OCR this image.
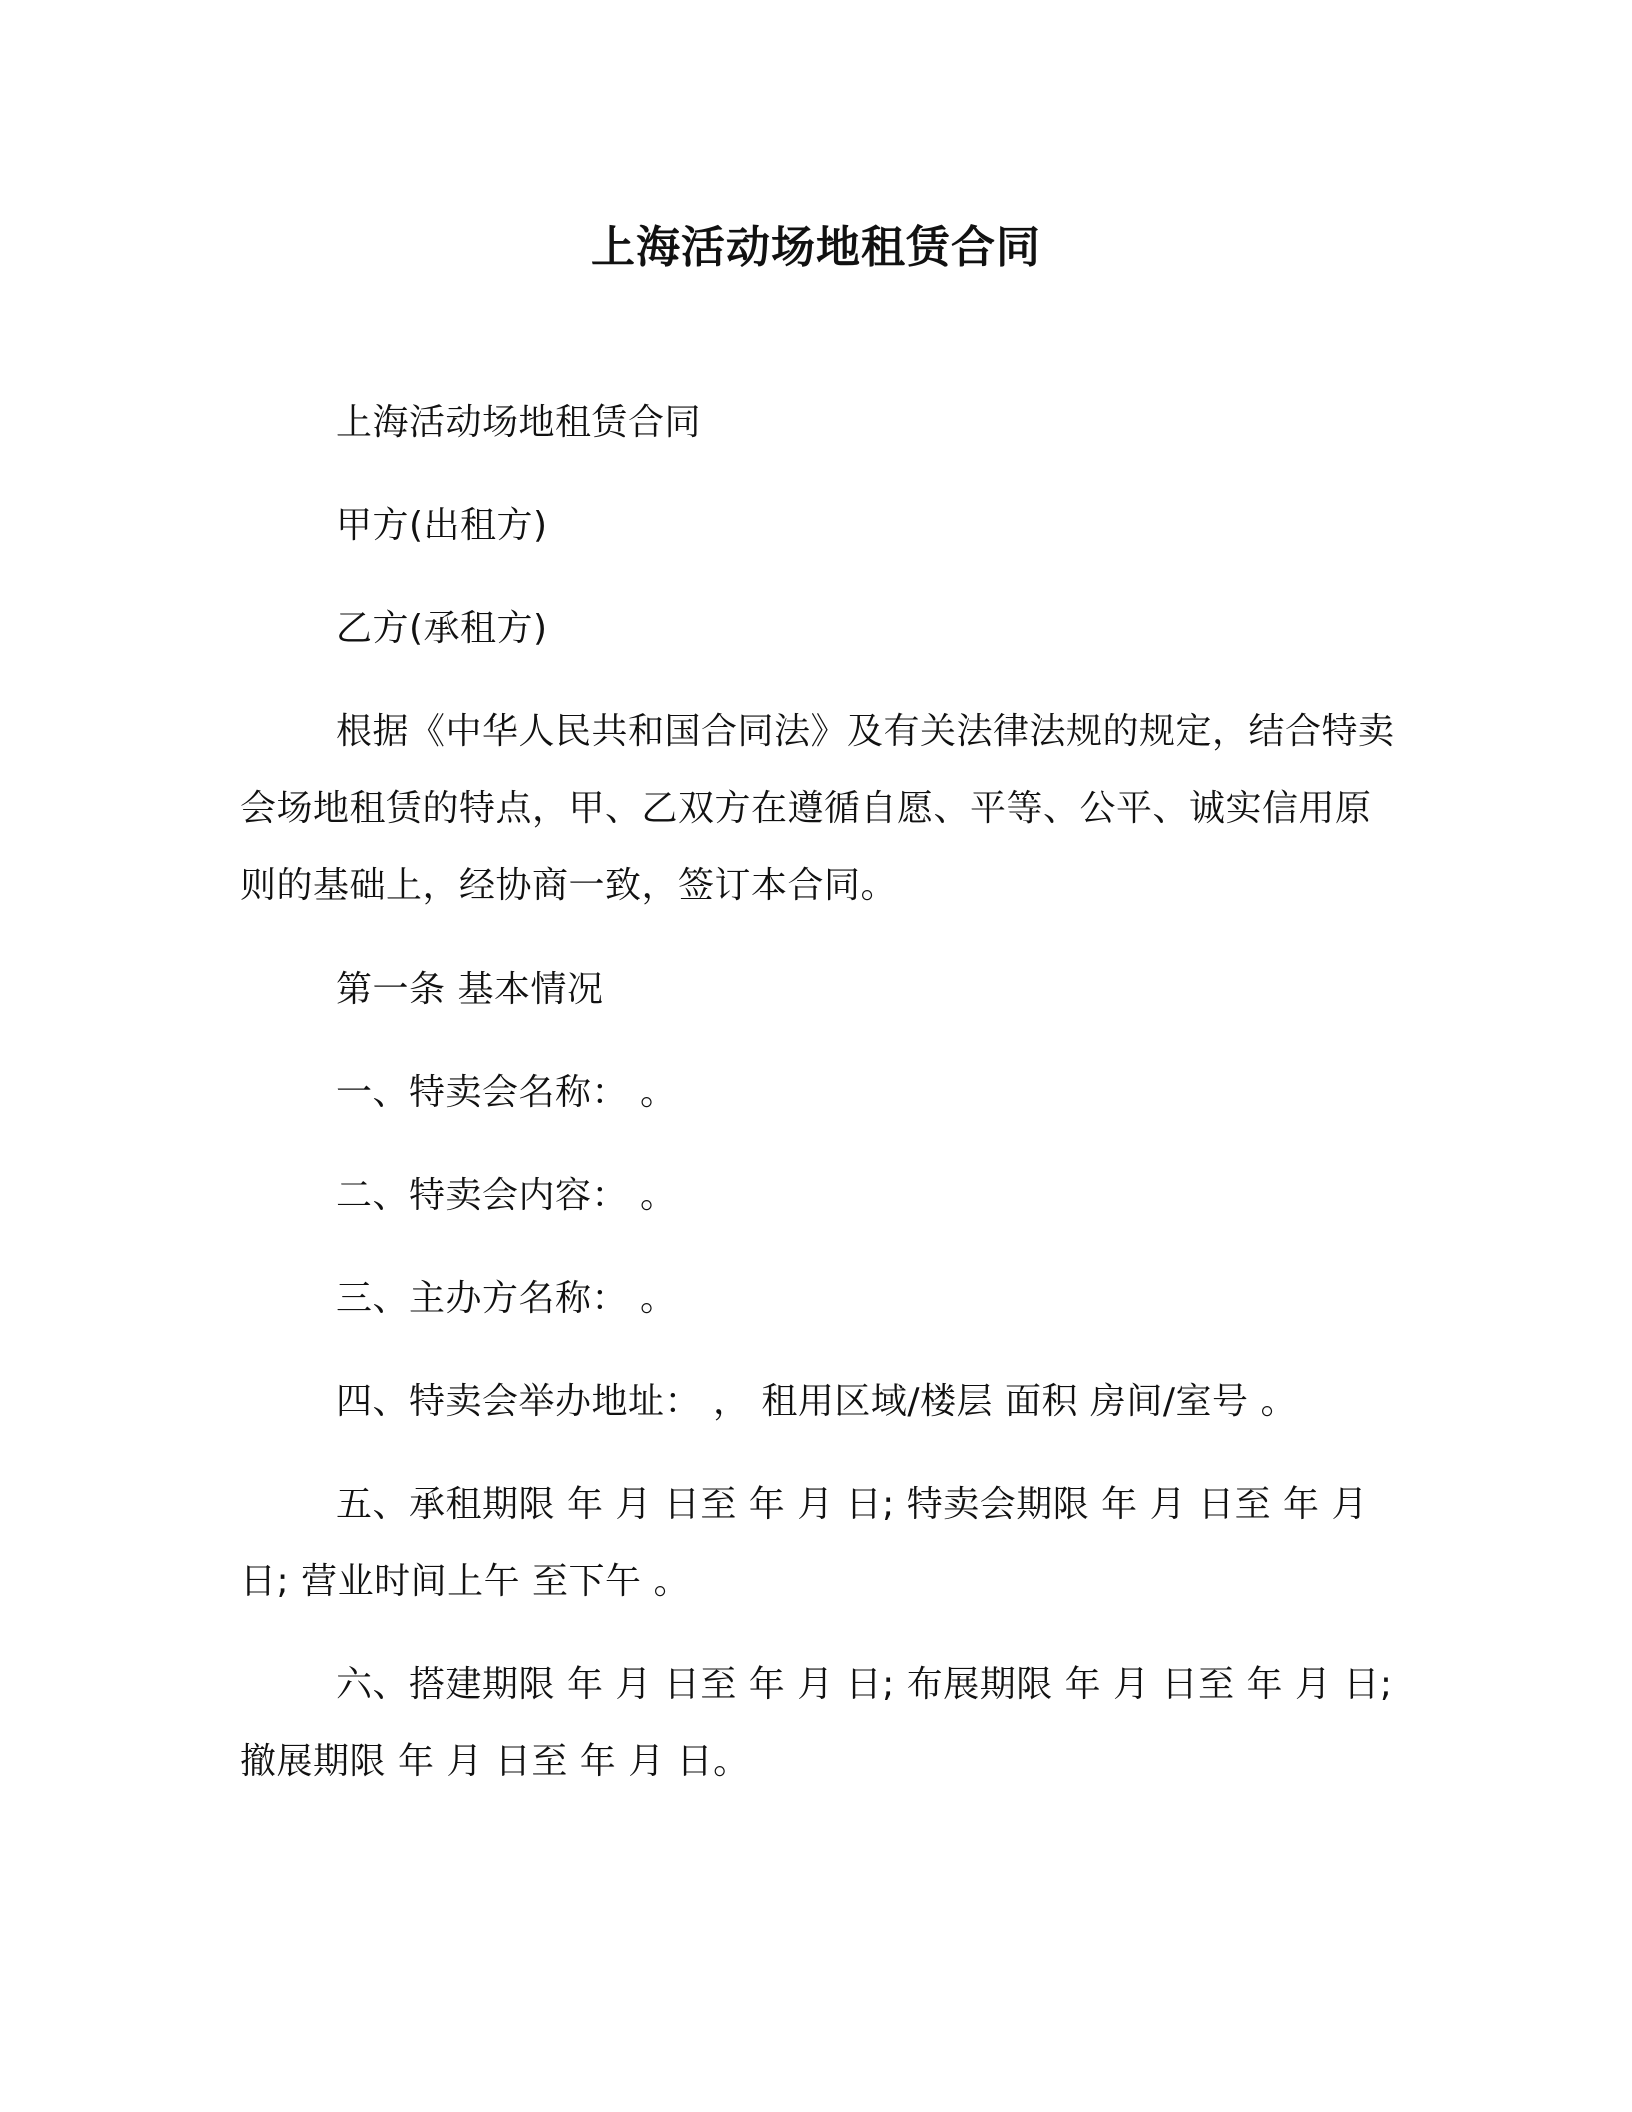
上海活动场地租赁合同

上海活动场地租赁合同

甲方(出租方)

乙方(承租方)

根据《中华人民共和国合同法》及有关法律法规的规定，结合特卖会场地租赁的特点，甲、乙双方在遵循自愿、平等、公平、诚实信用原则的基础上，经协商一致，签订本合同。

第一条 基本情况

一、特卖会名称： 。

二、特卖会内容： 。

三、主办方名称： 。

四、特卖会举办地址： ， 租用区域/楼层 面积 房间/室号 。

五、承租期限 年 月 日至 年 月 日; 特卖会期限 年 月 日至 年 月 日; 营业时间上午 至下午 。

六、搭建期限 年 月 日至 年 月 日; 布展期限 年 月 日至 年 月 日; 撤展期限 年 月 日至 年 月 日。
